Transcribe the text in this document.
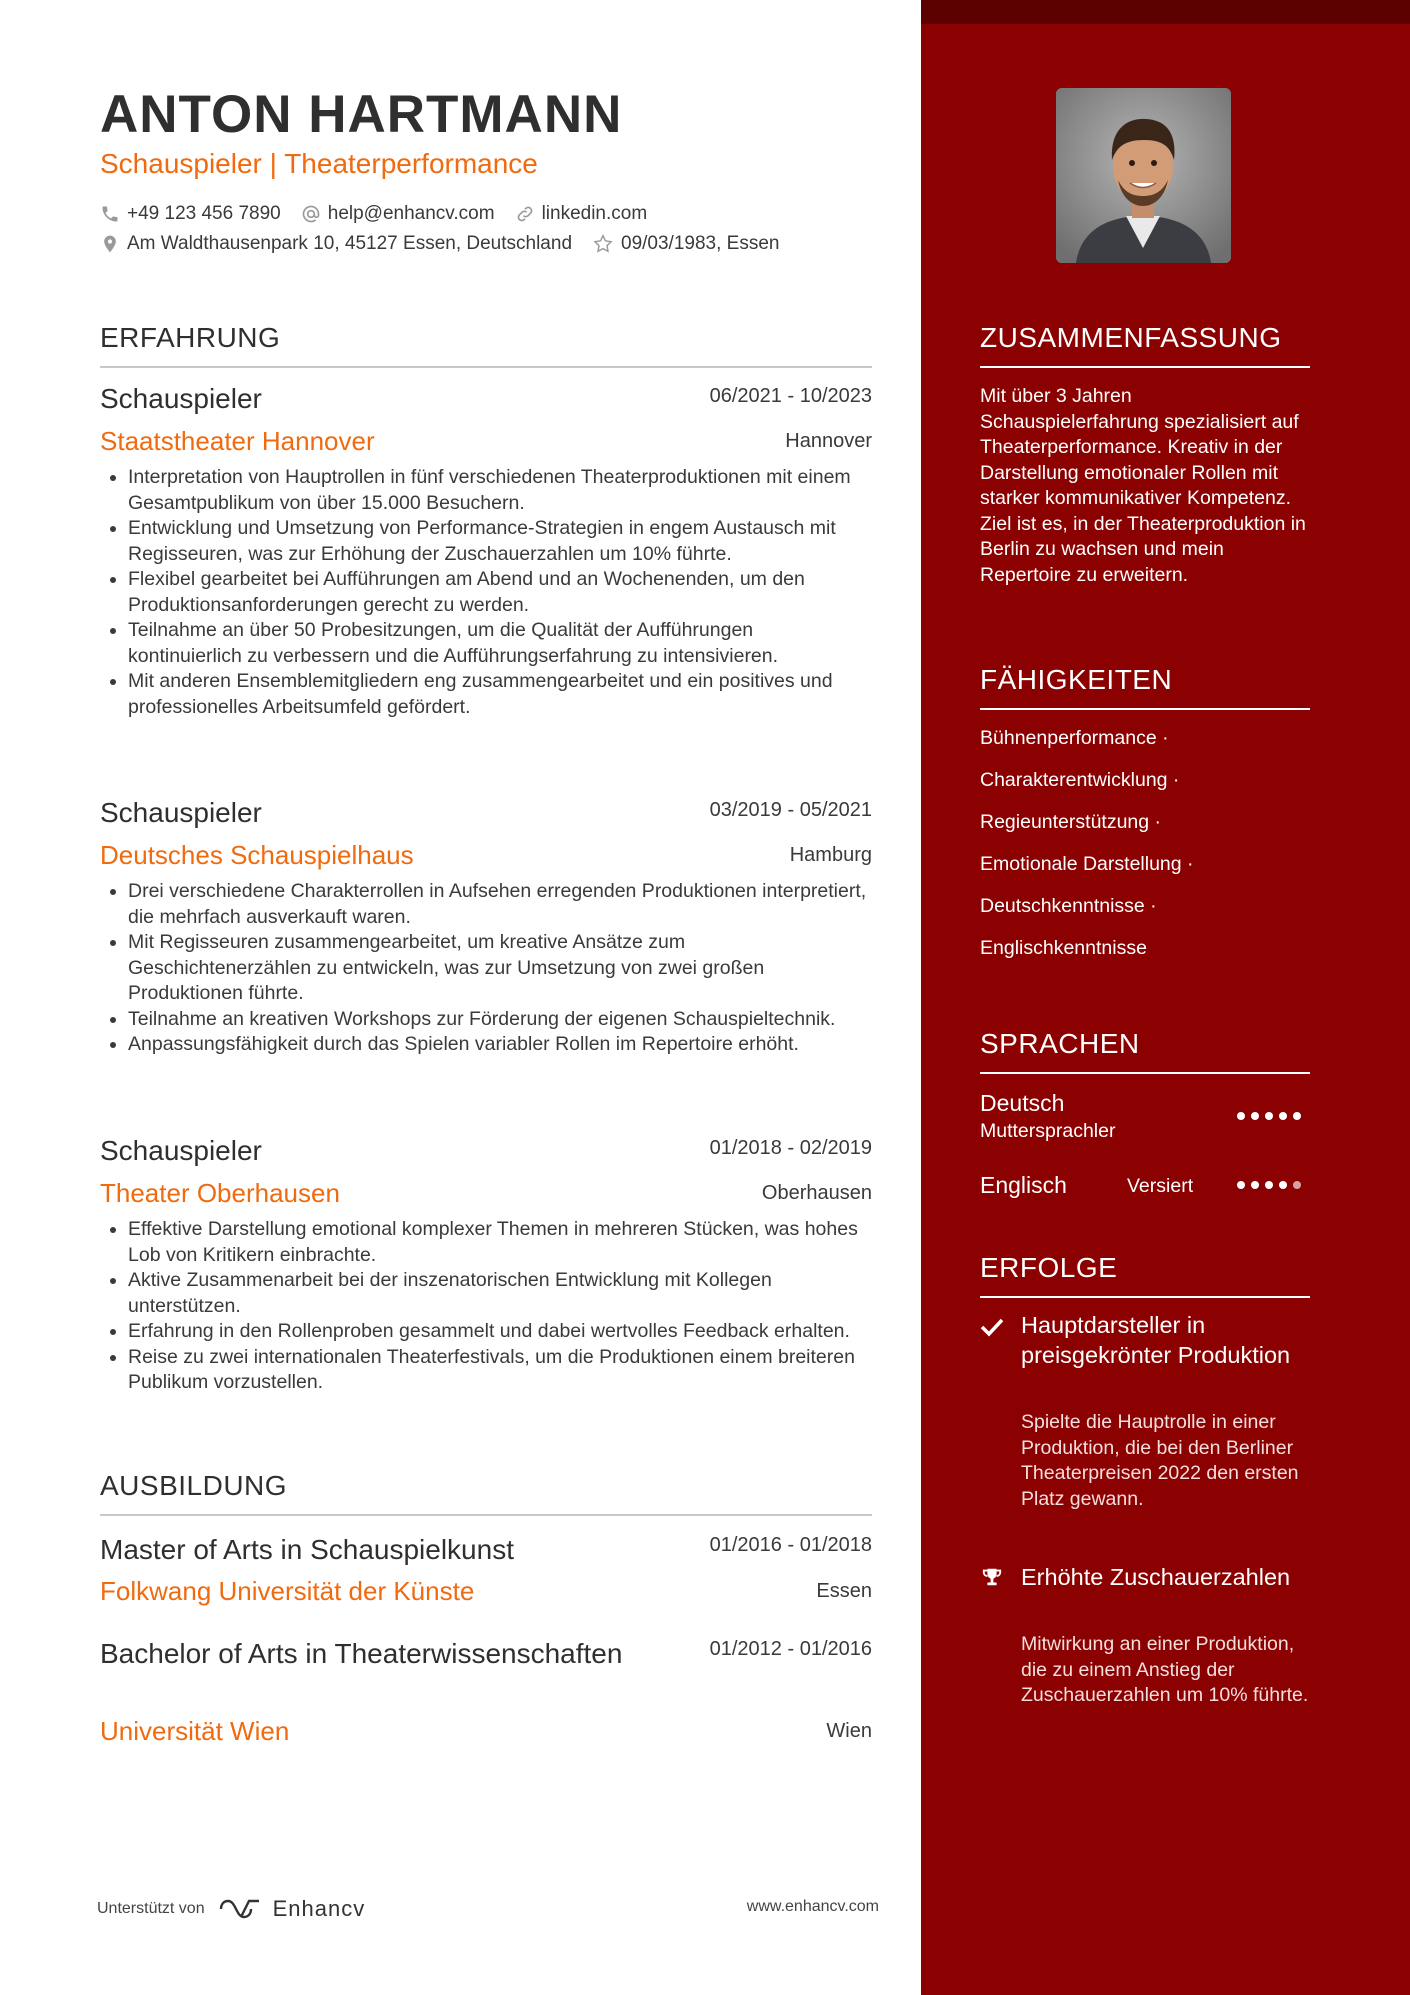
ANTON HARTMANN
Schauspieler | Theaterperformance
+49 123 456 7890 help@enhancv.com linkedin.com
Am Waldthausenpark 10, 45127 Essen, Deutschland	09/03/1983, Essen
ERFAHRUNG
Schauspieler	06/2021 - 10/2023
Staatstheater Hannover	Hannover
• Interpretation von Hauptrollen in fünf verschiedenen Theaterproduktionen mit einem Gesamtpublikum von über 15.000 Besuchern.
• Entwicklung und Umsetzung von Performance-Strategien in engem Austausch mit Regisseuren, was zur Erhöhung der Zuschauerzahlen um 10% führte.
• Flexibel gearbeitet bei Aufführungen am Abend und an Wochenenden, um den Produktionsanforderungen gerecht zu werden.
• Teilnahme an über 50 Probesitzungen, um die Qualität der Aufführungen kontinuierlich zu verbessern und die Aufführungserfahrung zu intensivieren.
• Mit anderen Ensemblemitgliedern eng zusammengearbeitet und ein positives und professionelles Arbeitsumfeld gefördert.
Schauspieler	03/2019 - 05/2021
Deutsches Schauspielhaus	Hamburg
• Drei verschiedene Charakterrollen in Aufsehen erregenden Produktionen interpretiert, die mehrfach ausverkauft waren.
• Mit Regisseuren zusammengearbeitet, um kreative Ansätze zum Geschichtenerzählen zu entwickeln, was zur Umsetzung von zwei großen Produktionen führte.
• Teilnahme an kreativen Workshops zur Förderung der eigenen Schauspieltechnik.
• Anpassungsfähigkeit durch das Spielen variabler Rollen im Repertoire erhöht.
Schauspieler	01/2018 - 02/2019
Theater Oberhausen	Oberhausen
• Effektive Darstellung emotional komplexer Themen in mehreren Stücken, was hohes Lob von Kritikern einbrachte.
• Aktive Zusammenarbeit bei der inszenatorischen Entwicklung mit Kollegen unterstützen.
• Erfahrung in den Rollenproben gesammelt und dabei wertvolles Feedback erhalten.
• Reise zu zwei internationalen Theaterfestivals, um die Produktionen einem breiteren Publikum vorzustellen.
AUSBILDUNG
Master of Arts in Schauspielkunst	01/2016 - 01/2018
Folkwang Universität der Künste	Essen
Bachelor of Arts in Theaterwissenschaften	01/2012 - 01/2016
Universität Wien	Wien
Unterstützt von	Enhancv	www.enhancv.com
ZUSAMMENFASSUNG
Mit über 3 Jahren Schauspielerfahrung spezialisiert auf Theaterperformance. Kreativ in der Darstellung emotionaler Rollen mit starker kommunikativer Kompetenz. Ziel ist es, in der Theaterproduktion in Berlin zu wachsen und mein Repertoire zu erweitern.
FÄHIGKEITEN
Bühnenperformance ·
Charakterentwicklung ·
Regieunterstützung ·
Emotionale Darstellung ·
Deutschkenntnisse ·
Englischkenntnisse
SPRACHEN
Deutsch
Muttersprachler
Englisch	Versiert
ERFOLGE
Hauptdarsteller in preisgekrönter Produktion
Spielte die Hauptrolle in einer Produktion, die bei den Berliner Theaterpreisen 2022 den ersten Platz gewann.
Erhöhte Zuschauerzahlen
Mitwirkung an einer Produktion, die zu einem Anstieg der Zuschauerzahlen um 10% führte.
